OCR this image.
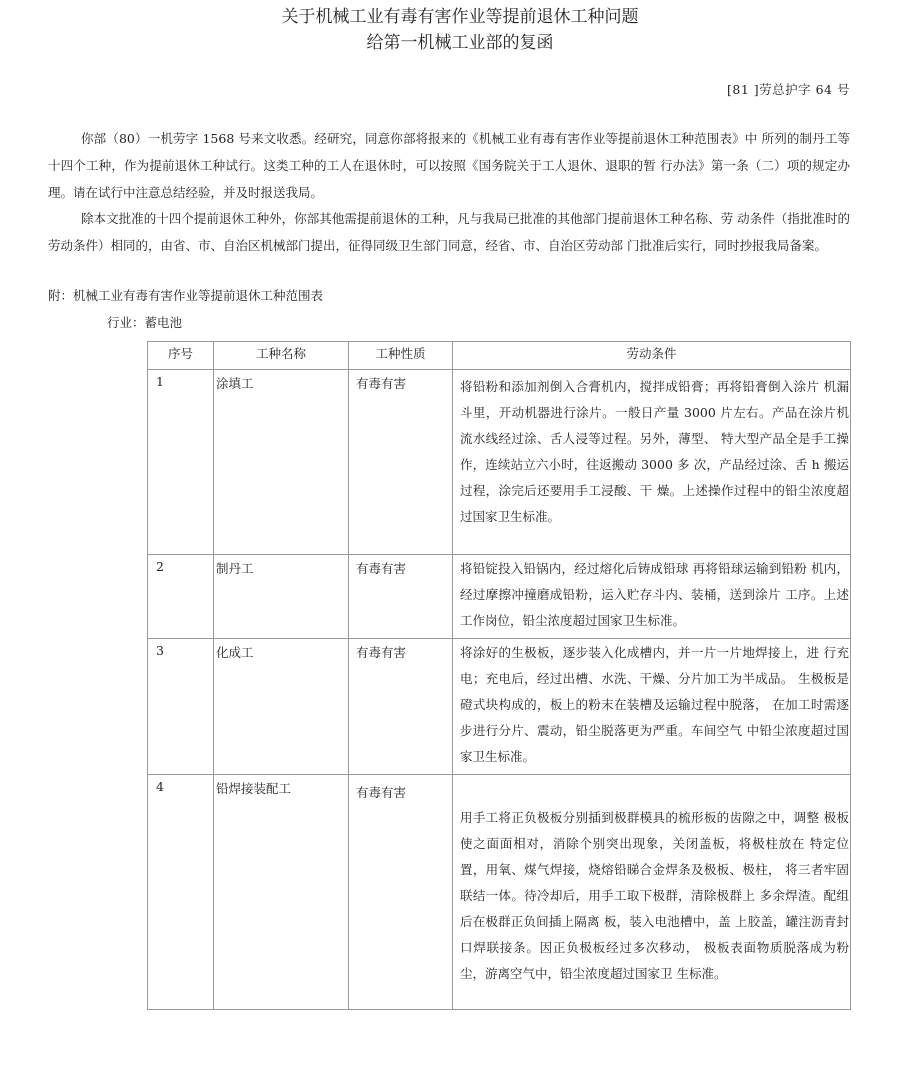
关于机械工业有毒有害作业等提前退休工种问题
给第一机械工业部的复函
[81 ]劳总护字 64 号

你部（80）一机劳字 1568 号来文收悉。经研究，同意你部将报来的《机械工业有毒有害作业等提前退休工种范围表》中 所列的制丹工等十四个工种，作为提前退休工种试行。这类工种的工人在退休时，可以按照《国务院关于工人退休、退职的暂 行办法》第一条（二）项的规定办理。请在试行中注意总结经验，并及时报送我局。

除本文批准的十四个提前退休工种外，你部其他需提前退休的工种，凡与我局已批准的其他部门提前退休工种名称、劳 动条件（指批准时的劳动条件）相同的，由省、市、自治区机械部门提出，征得同级卫生部门同意，经省、市、自治区劳动部 门批准后实行，同时抄报我局备案。

附：机械工业有毒有害作业等提前退休工种范围表
行业：蓄电池
序号	工种名称	工种性质	劳动条件
1	涂填工	有毒有害	将铅粉和添加剂倒入合膏机内，搅拌成铅膏；再将铅膏倒入涂片 机漏斗里，开动机器进行涂片。一般日产量 3000 片左右。产品在涂片机流水线经过涂、舌人浸等过程。另外，薄型、 特大型产品全是手工操作，连续站立六小时，往返搬动 3000 多 次，产品经过涂、舌 h 搬运过程，涂完后还要用手工浸酸、干 燥。上述操作过程中的铅尘浓度超过国家卫生标准。

2	制丹工	有毒有害	将铅锭投入铅锅内，经过熔化后铸成铅球 再将铅球运输到铅粉 机内，经过摩擦冲撞磨成铅粉，运入贮存斗内、装桶，送到涂片 工序。上述工作岗位，铅尘浓度超过国家卫生标准。

3	化成工	有毒有害	将涂好的生极板，逐步装入化成槽内，并一片一片地焊接上，进 行充电；充电后，经过出槽、水洗、干燥、分片加工为半成品。 生极板是磴式块构成的，板上的粉末在装槽及运输过程中脱落， 在加工时需逐步进行分片、震动，铅尘脱落更为严重。车间空气 中铅尘浓度超过国家卫生标准。

4	铅焊接装配工	有毒有害	用手工将正负极板分别插到极群模具的梳形板的齿隙之中，调整 极板使之面面相对，消除个别突出现象，关闭盖板，将极柱放在 特定位置，用氧、煤气焊接，烧熔铅睇合金焊条及极板、极柱， 将三者牢固联结一体。待冷却后，用手工取下极群，清除极群上 多余焊渣。配组后在极群正负间插上隔离 板，装入电池槽中，盖 上胶盖，罐注沥青封口焊联接条。因正负极板经过多次移动， 极板表面物质脱落成为粉尘，游离空气中，铅尘浓度超过国家卫 生标准。
